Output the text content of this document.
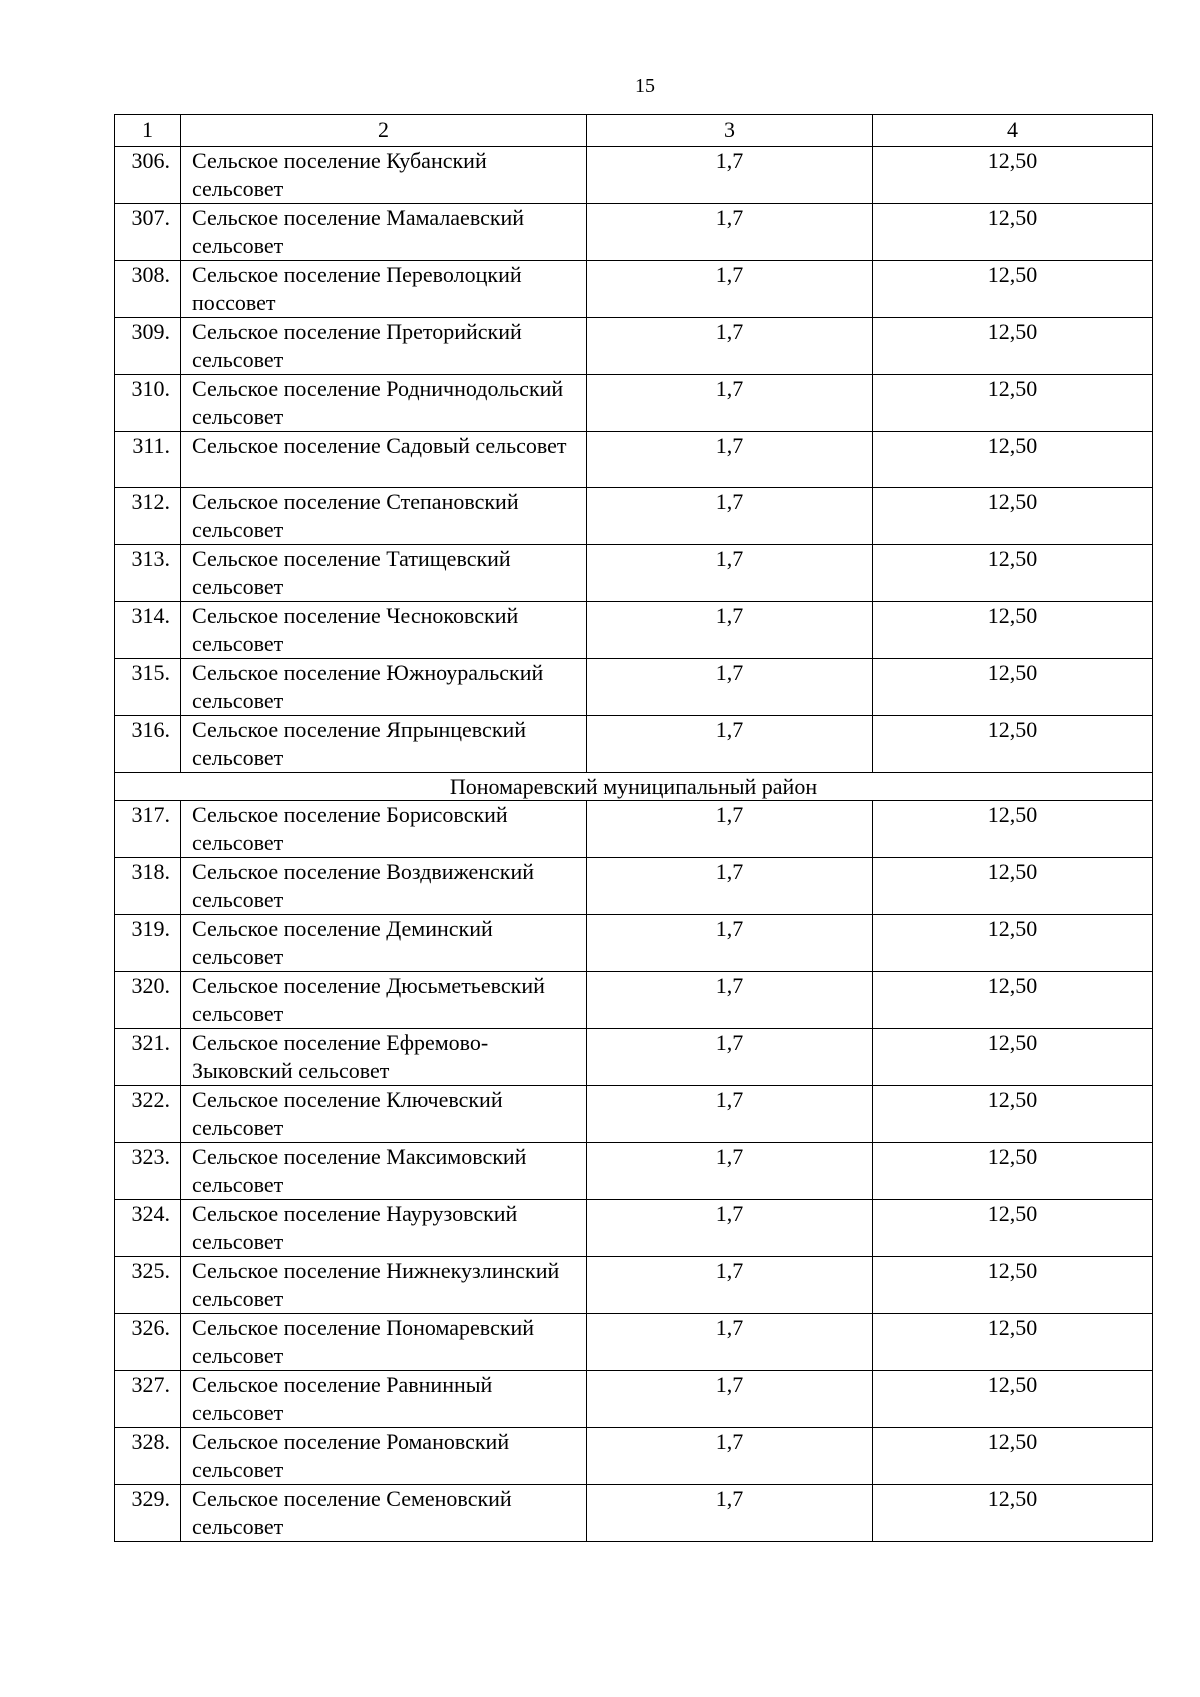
15
1	2	3	4
306.	Сельское поселение Кубанский сельсовет	1,7	12,50
307.	Сельское поселение Мамалаевский сельсовет	1,7	12,50
308.	Сельское поселение Переволоцкий поссовет	1,7	12,50
309.	Сельское поселение Преторийский сельсовет	1,7	12,50
310.	Сельское поселение Родничнодольский сельсовет	1,7	12,50
311.	Сельское поселение Садовый сельсовет	1,7	12,50
312.	Сельское поселение Степановский сельсовет	1,7	12,50
313.	Сельское поселение Татищевский сельсовет	1,7	12,50
314.	Сельское поселение Чесноковский сельсовет	1,7	12,50
315.	Сельское поселение Южноуральский сельсовет	1,7	12,50
316.	Сельское поселение Япрынцевский сельсовет	1,7	12,50
Пономаревский муниципальный район			
317.	Сельское поселение Борисовский сельсовет	1,7	12,50
318.	Сельское поселение Воздвиженский сельсовет	1,7	12,50
319.	Сельское поселение Деминский сельсовет	1,7	12,50
320.	Сельское поселение Дюсьметьевский сельсовет	1,7	12,50
321.	Сельское поселение Ефремово-Зыковский сельсовет	1,7	12,50
322.	Сельское поселение Ключевский сельсовет	1,7	12,50
323.	Сельское поселение Максимовский сельсовет	1,7	12,50
324.	Сельское поселение Наурузовский сельсовет	1,7	12,50
325.	Сельское поселение Нижнекузлинский сельсовет	1,7	12,50
326.	Сельское поселение Пономаревский сельсовет	1,7	12,50
327.	Сельское поселение Равнинный сельсовет	1,7	12,50
328.	Сельское поселение Романовский сельсовет	1,7	12,50
329.	Сельское поселение Семеновский сельсовет	1,7	12,50
